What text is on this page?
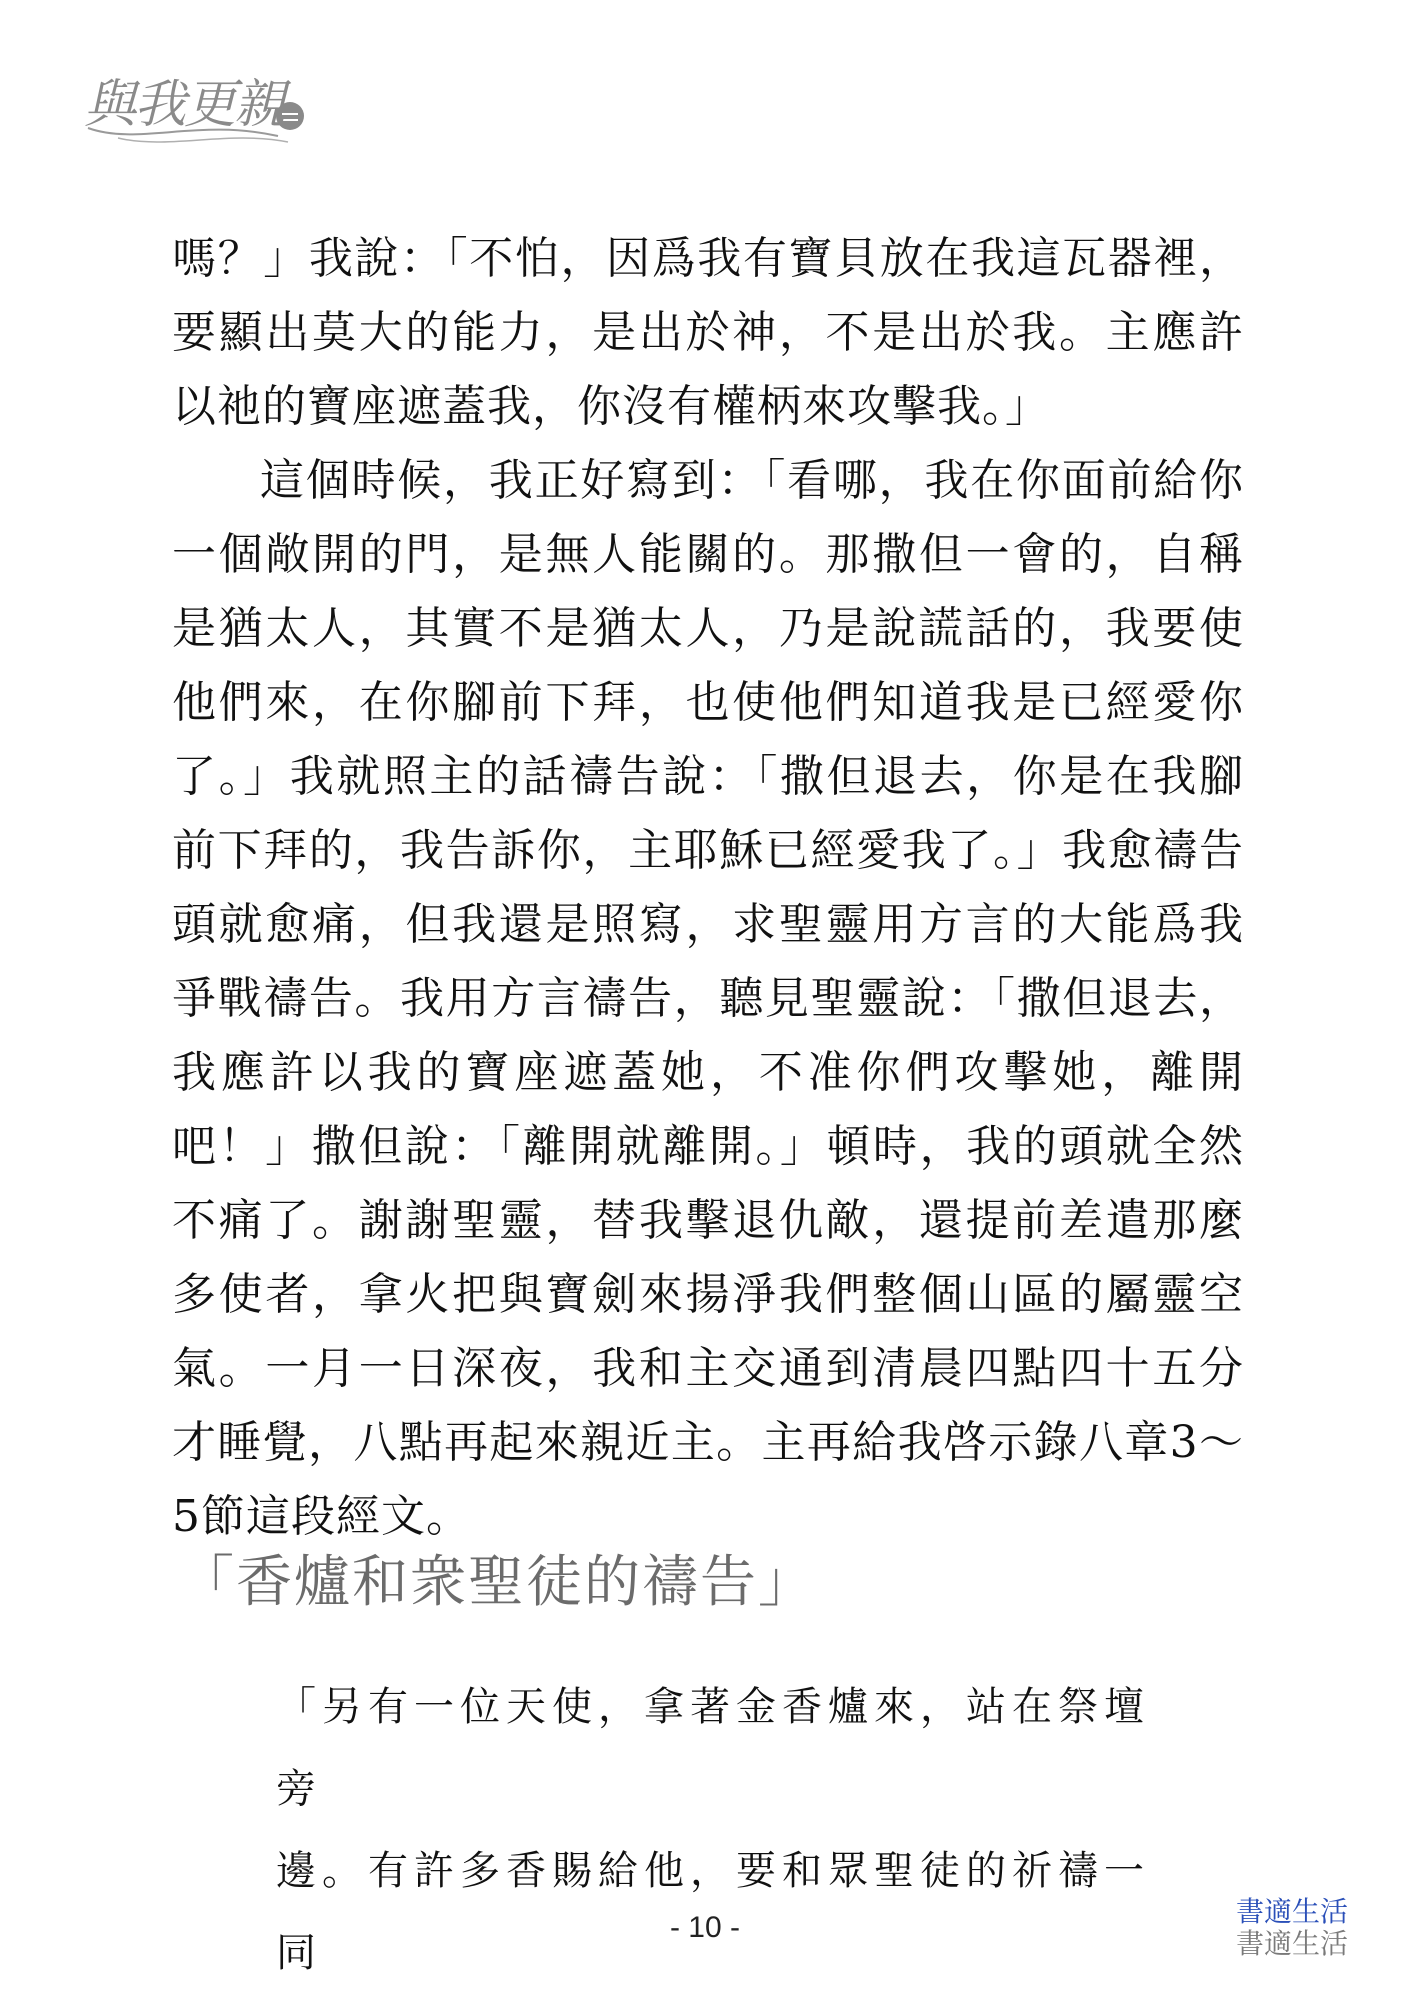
與我更親

嗎？」我說：「不怕，因爲我有寶貝放在我這瓦器裡，要顯出莫大的能力，是出於神，不是出於我。主應許以祂的寶座遮蓋我，你沒有權柄來攻擊我。」

這個時候，我正好寫到：「看哪，我在你面前給你一個敞開的門，是無人能關的。那撒但一會的，自稱是猶太人，其實不是猶太人，乃是說謊話的，我要使他們來，在你腳前下拜，也使他們知道我是已經愛你了。」我就照主的話禱告說：「撒但退去，你是在我腳前下拜的，我告訴你，主耶穌已經愛我了。」我愈禱告頭就愈痛，但我還是照寫，求聖靈用方言的大能爲我爭戰禱告。我用方言禱告，聽見聖靈說：「撒但退去，我應許以我的寶座遮蓋她，不准你們攻擊她，離開吧！」撒但說：「離開就離開。」頓時，我的頭就全然不痛了。謝謝聖靈，替我擊退仇敵，還提前差遣那麼多使者，拿火把與寶劍來揚淨我們整個山區的屬靈空氣。一月一日深夜，我和主交通到清晨四點四十五分才睡覺，八點再起來親近主。主再給我啓示錄八章3～5節這段經文。

「香爐和衆聖徒的禱告」

「另有一位天使，拿著金香爐來，站在祭壇旁

邊。有許多香賜給他，要和眾聖徒的祈禱一同

- 10 -	書適生活
書適生活
